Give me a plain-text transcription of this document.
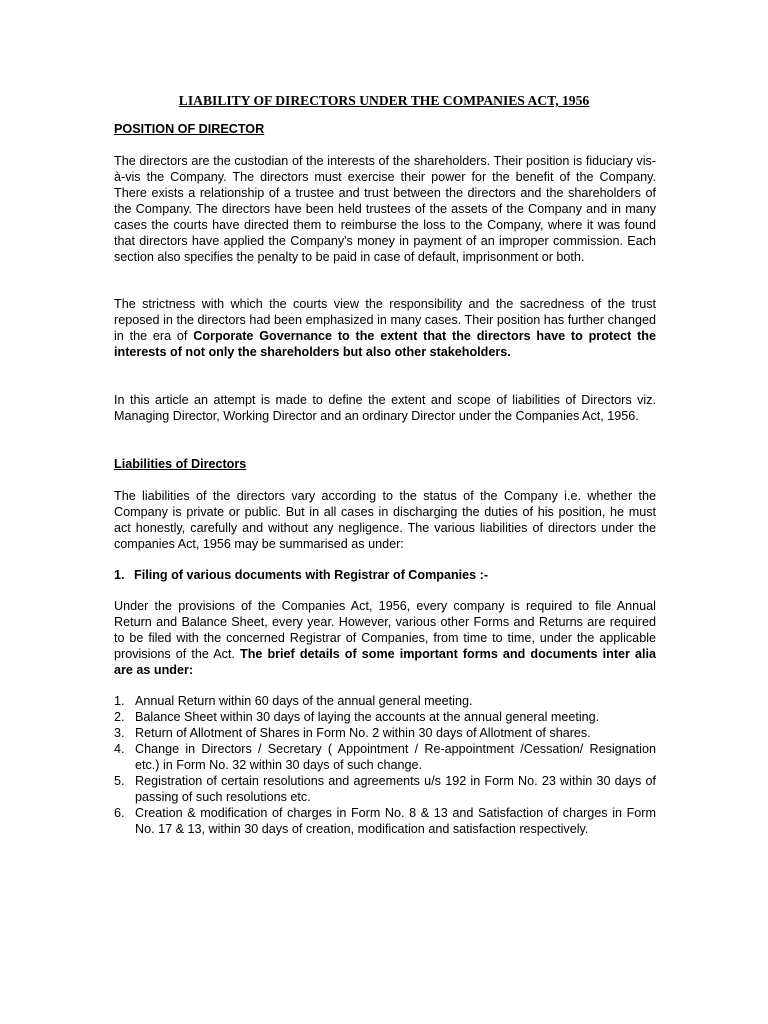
LIABILITY OF DIRECTORS UNDER THE COMPANIES ACT, 1956
POSITION OF DIRECTOR

The directors are the custodian of the interests of the shareholders. Their position is fiduciary vis-à-vis the Company. The directors must exercise their power for the benefit of the Company. There exists a relationship of a trustee and trust between the directors and the shareholders of the Company. The directors have been held trustees of the assets of the Company and in many cases the courts have directed them to reimburse the loss to the Company, where it was found that directors have applied the Company's money in payment of an improper commission. Each section also specifies the penalty to be paid in case of default, imprisonment or both.

The strictness with which the courts view the responsibility and the sacredness of the trust reposed in the directors had been emphasized in many cases. Their position has further changed in the era of Corporate Governance to the extent that the directors have to protect the interests of not only the shareholders but also other stakeholders.

In this article an attempt is made to define the extent and scope of liabilities of Directors viz. Managing Director, Working Director and an ordinary Director under the Companies Act, 1956.

Liabilities of Directors

The liabilities of the directors vary according to the status of the Company i.e. whether the Company is private or public. But in all cases in discharging the duties of his position, he must act honestly, carefully and without any negligence. The various liabilities of directors under the companies Act, 1956 may be summarised as under:

1. Filing of various documents with Registrar of Companies :-

Under the provisions of the Companies Act, 1956, every company is required to file Annual Return and Balance Sheet, every year. However, various other Forms and Returns are required to be filed with the concerned Registrar of Companies, from time to time, under the applicable provisions of the Act. The brief details of some important forms and documents inter alia are as under:

1. Annual Return within 60 days of the annual general meeting.
2. Balance Sheet within 30 days of laying the accounts at the annual general meeting.
3. Return of Allotment of Shares in Form No. 2 within 30 days of Allotment of shares.
4. Change in Directors / Secretary ( Appointment / Re-appointment /Cessation/ Resignation etc.) in Form No. 32 within 30 days of such change.
5. Registration of certain resolutions and agreements u/s 192 in Form No. 23 within 30 days of passing of such resolutions etc.
6. Creation & modification of charges in Form No. 8 & 13 and Satisfaction of charges in Form No. 17 & 13, within 30 days of creation, modification and satisfaction respectively.
